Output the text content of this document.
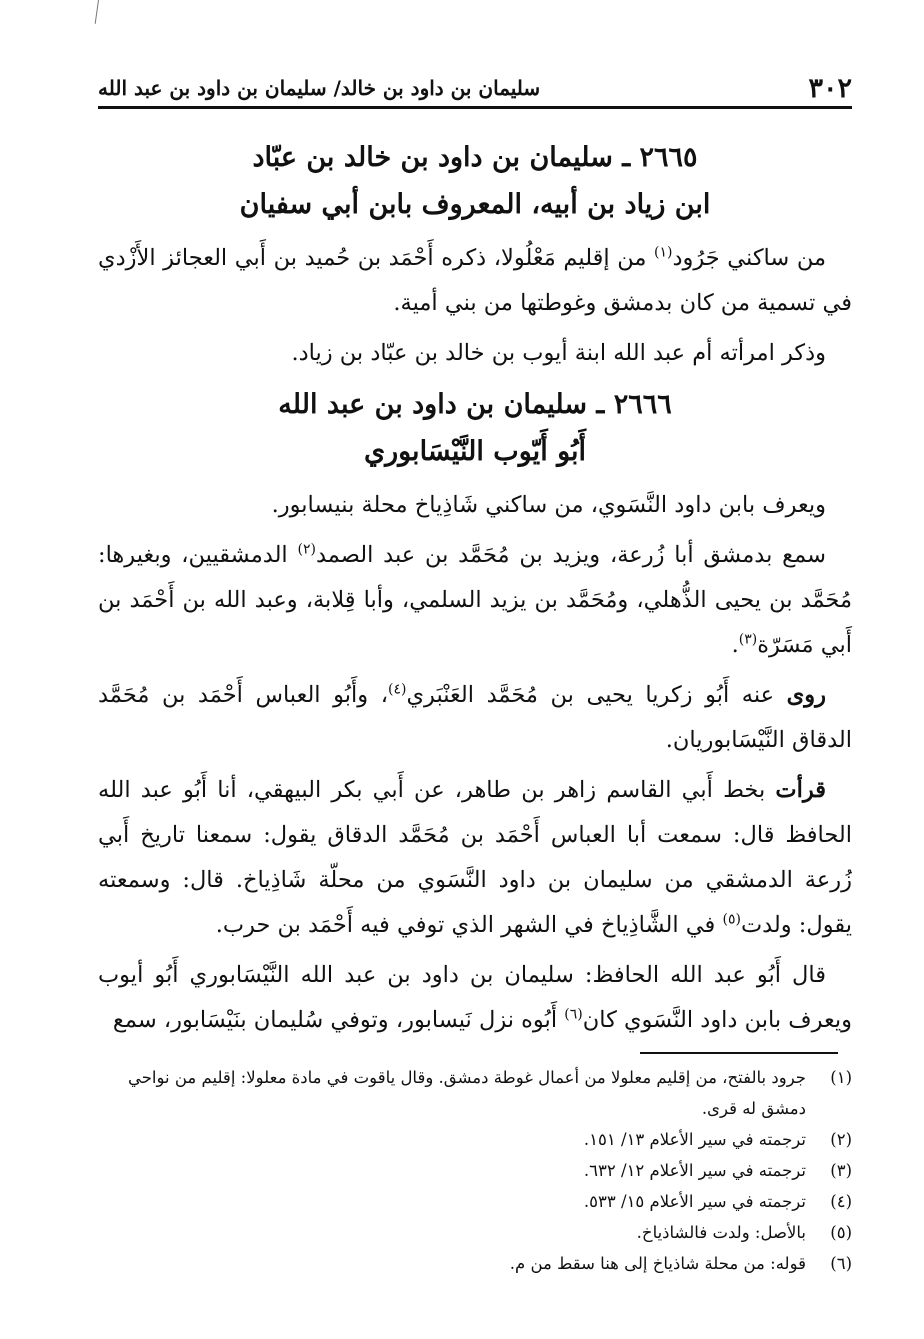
٣٠٢
سليمان بن داود بن خالد/ سليمان بن داود بن عبد الله
٢٦٦٥ ـ سليمان بن داود بن خالد بن عبّاد
ابن زياد بن أبيه، المعروف بابن أبي سفيان

من ساكني جَرُود$^{(١)}$ من إقليم مَعْلُولا، ذكره أَحْمَد بن حُميد بن أَبي العجائز الأَزْدي في تسمية من كان بدمشق وغوطتها من بني أمية.

وذكر امرأته أم عبد الله ابنة أيوب بن خالد بن عبّاد بن زياد.

٢٦٦٦ ـ سليمان بن داود بن عبد الله
أَبُو أَيّوب النَّيْسَابوري

ويعرف بابن داود النَّسَوي، من ساكني شَاذِياخ محلة بنيسابور.

سمع بدمشق أبا زُرعة، ويزيد بن مُحَمَّد بن عبد الصمد$^{(٢)}$ الدمشقيين، وبغيرها: مُحَمَّد بن يحيى الذُّهلي، ومُحَمَّد بن يزيد السلمي، وأبا قِلابة، وعبد الله بن أَحْمَد بن أَبي مَسَرّة$^{(٣)}$.

روى عنه أَبُو زكريا يحيى بن مُحَمَّد العَنْبَري$^{(٤)}$، وأَبُو العباس أَحْمَد بن مُحَمَّد الدقاق النَّيْسَابوريان.

قرأت بخط أَبي القاسم زاهر بن طاهر، عن أَبي بكر البيهقي، أنا أَبُو عبد الله الحافظ قال: سمعت أبا العباس أَحْمَد بن مُحَمَّد الدقاق يقول: سمعنا تاريخ أَبي زُرعة الدمشقي من سليمان بن داود النَّسَوي من محلّة شَاذِياخ. قال: وسمعته يقول: ولدت$^{(٥)}$ في الشَّاذِياخ في الشهر الذي توفي فيه أَحْمَد بن حرب.

قال أَبُو عبد الله الحافظ: سليمان بن داود بن عبد الله النَّيْسَابوري أَبُو أيوب ويعرف بابن داود النَّسَوي كان$^{(٦)}$ أَبُوه نزل نَيسابور، وتوفي سُليمان بنَيْسَابور، سمع

(١)
جرود بالفتح، من إقليم معلولا من أعمال غوطة دمشق. وقال ياقوت في مادة معلولا: إقليم من نواحي دمشق له قرى.
(٢)
ترجمته في سير الأعلام ١٣/ ١٥١.
(٣)
ترجمته في سير الأعلام ١٢/ ٦٣٢.
(٤)
ترجمته في سير الأعلام ١٥/ ٥٣٣.
(٥)
بالأصل: ولدت فالشاذياخ.
(٦)
قوله: من محلة شاذياخ إلى هنا سقط من م.
